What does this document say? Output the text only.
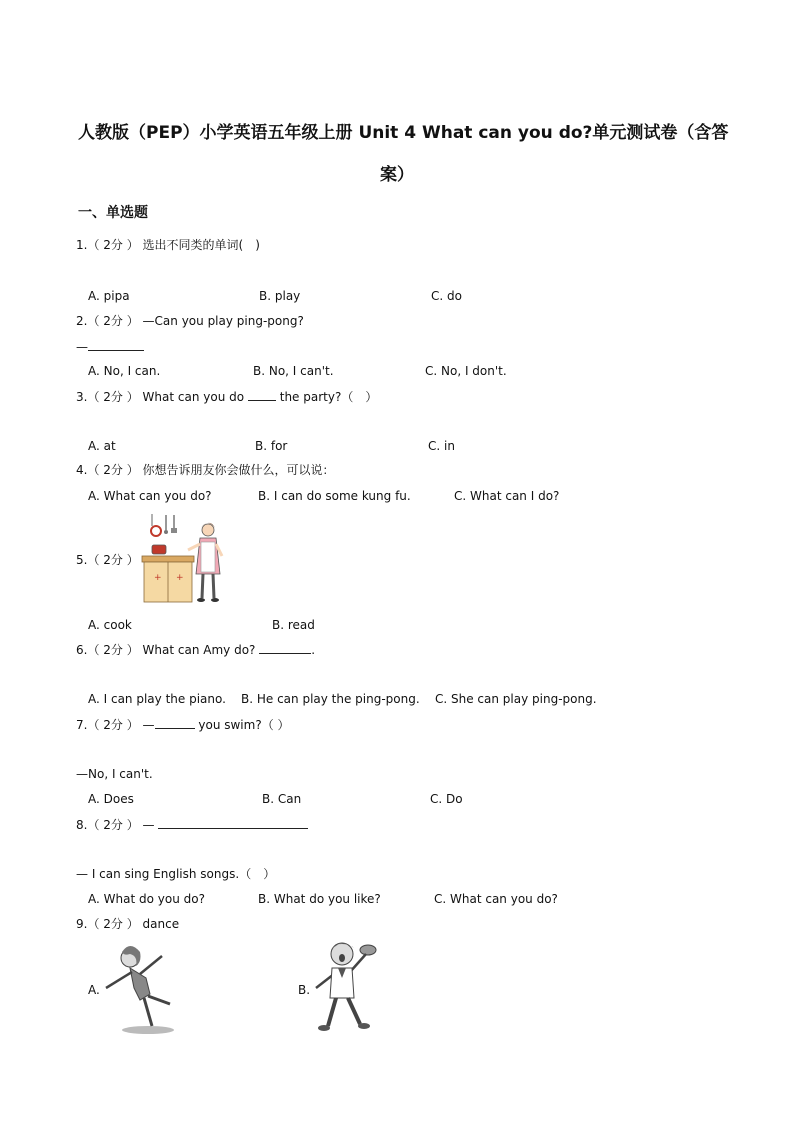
人教版（PEP）小学英语五年级上册 Unit 4 What can you do?单元测试卷（含答
案）
一、单选题
1.（ 2分 ） 选出不同类的单词(　)
A. pipa	B. play	C. do
2.（ 2分 ） —Can you play ping-pong?
—
A. No, I can.	B. No, I can't.	C. No, I don't.
3.（ 2分 ） What can you do	the party?（　）
A. at	B. for	C. in
4.（ 2分 ） 你想告诉朋友你会做什么，可以说：
A. What can you do?	B. I can do some kung fu.	C. What can I do?
5.（ 2分 ）
+ +
A. cook	B. read
6.（ 2分 ） What can Amy do?	.
A. I can play the piano. B. He can play the ping-pong. C. She can play ping-pong.
7.（ 2分 ） —	you swim?（ ）
—No, I can't.
A. Does	B. Can	C. Do
8.（ 2分 ） —
— I can sing English songs.（　）
A. What do you do?	B. What do you like?	C. What can you do?
9.（ 2分 ） dance
A.	B.
